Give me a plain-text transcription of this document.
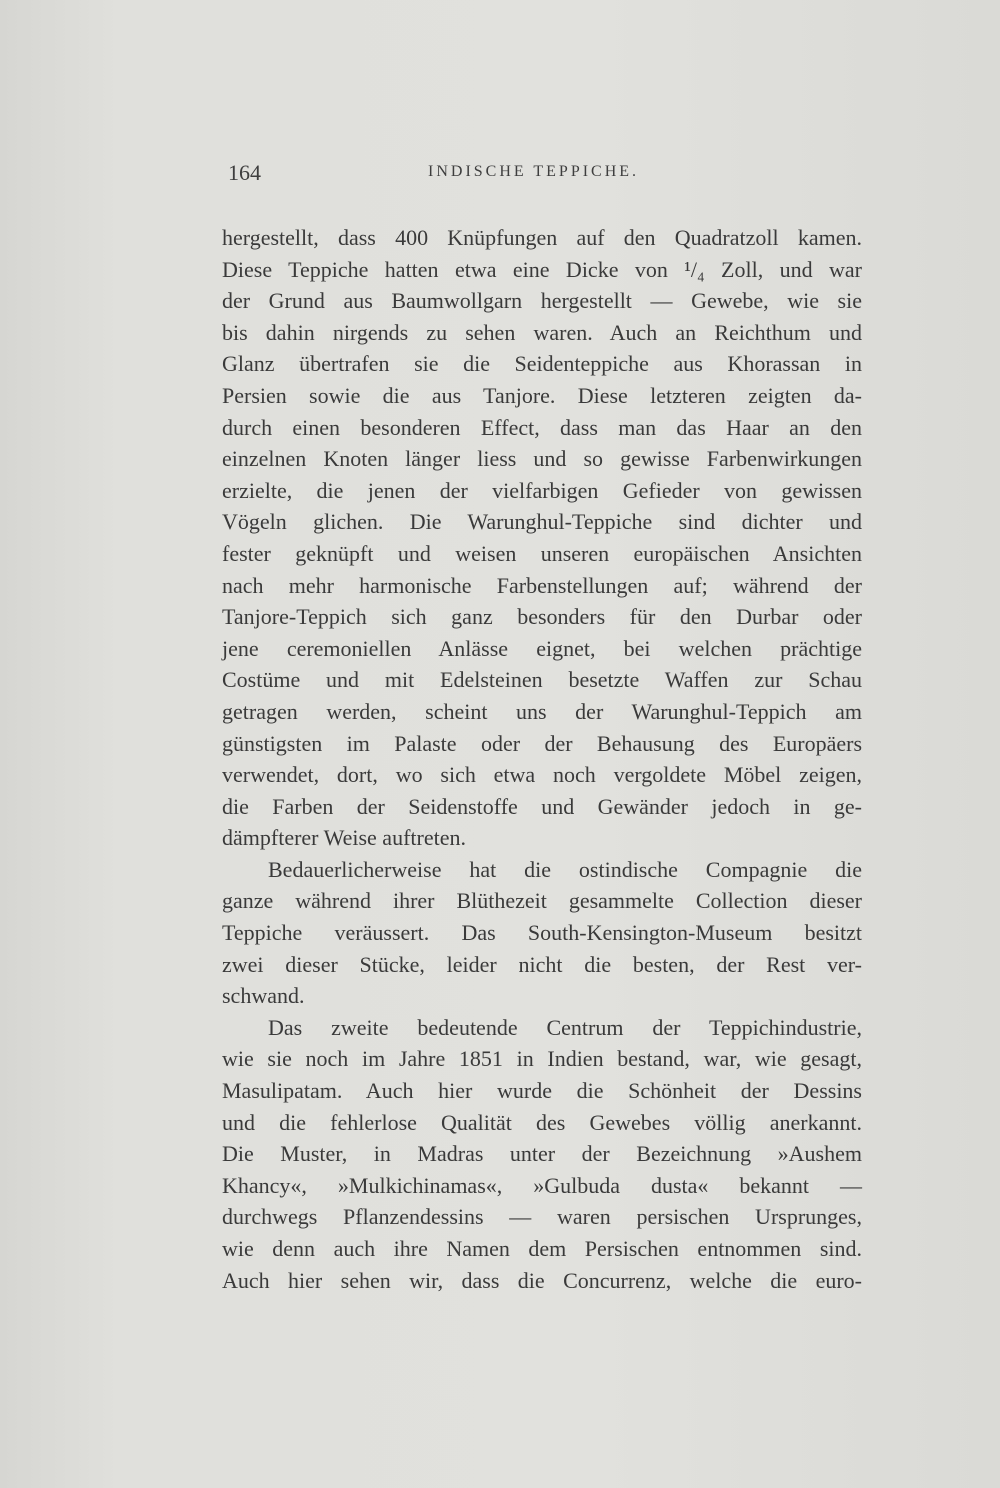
164	INDISCHE TEPPICHE.
hergestellt, dass 400 Knüpfungen auf den Quadratzoll kamen.
Diese Teppiche hatten etwa eine Dicke von ¹/₄ Zoll, und war
der Grund aus Baumwollgarn hergestellt — Gewebe, wie sie
bis dahin nirgends zu sehen waren. Auch an Reichthum und
Glanz übertrafen sie die Seidenteppiche aus Khorassan in
Persien sowie die aus Tanjore. Diese letzteren zeigten da-
durch einen besonderen Effect, dass man das Haar an den
einzelnen Knoten länger liess und so gewisse Farbenwirkungen
erzielte, die jenen der vielfarbigen Gefieder von gewissen
Vögeln glichen. Die Warunghul-Teppiche sind dichter und
fester geknüpft und weisen unseren europäischen Ansichten
nach mehr harmonische Farbenstellungen auf; während der
Tanjore-Teppich sich ganz besonders für den Durbar oder
jene ceremoniellen Anlässe eignet, bei welchen prächtige
Costüme und mit Edelsteinen besetzte Waffen zur Schau
getragen werden, scheint uns der Warunghul-Teppich am
günstigsten im Palaste oder der Behausung des Europäers
verwendet, dort, wo sich etwa noch vergoldete Möbel zeigen,
die Farben der Seidenstoffe und Gewänder jedoch in ge-
dämpfterer Weise auftreten.
Bedauerlicherweise hat die ostindische Compagnie die
ganze während ihrer Blüthezeit gesammelte Collection dieser
Teppiche veräussert. Das South-Kensington-Museum besitzt
zwei dieser Stücke, leider nicht die besten, der Rest ver-
schwand.
Das zweite bedeutende Centrum der Teppichindustrie,
wie sie noch im Jahre 1851 in Indien bestand, war, wie gesagt,
Masulipatam. Auch hier wurde die Schönheit der Dessins
und die fehlerlose Qualität des Gewebes völlig anerkannt.
Die Muster, in Madras unter der Bezeichnung »Aushem
Khancy«, »Mulkichinamas«, »Gulbuda dusta« bekannt —
durchwegs Pflanzendessins — waren persischen Ursprunges,
wie denn auch ihre Namen dem Persischen entnommen sind.
Auch hier sehen wir, dass die Concurrenz, welche die euro-
